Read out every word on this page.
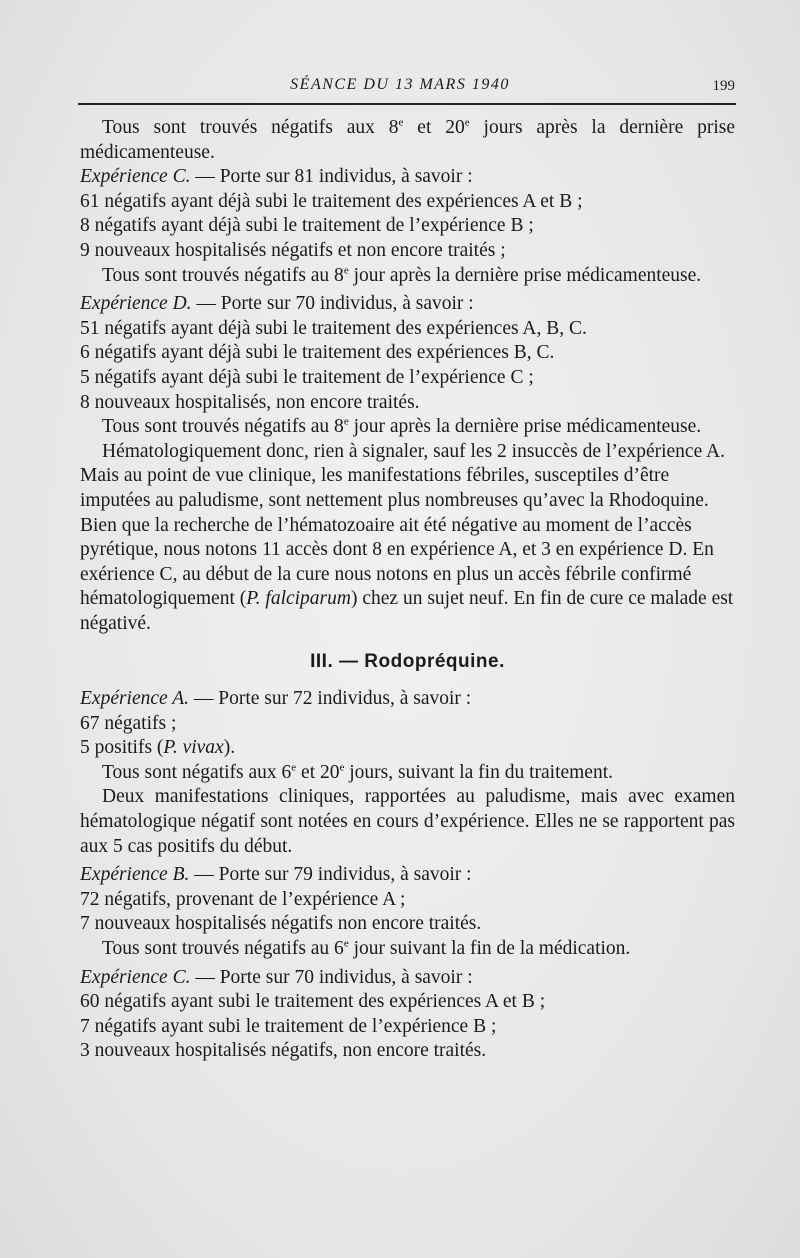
SÉANCE DU 13 MARS 1940	199

Tous sont trouvés négatifs aux 8e et 20e jours après la dernière prise médicamenteuse.

Expérience C. — Porte sur 81 individus, à savoir :

61 négatifs ayant déjà subi le traitement des expériences A et B ;

8 négatifs ayant déjà subi le traitement de l’expérience B ;

9 nouveaux hospitalisés négatifs et non encore traités ;

Tous sont trouvés négatifs au 8e jour après la dernière prise médicamenteuse.

Expérience D. — Porte sur 70 individus, à savoir :

51 négatifs ayant déjà subi le traitement des expériences A, B, C.

6 négatifs ayant déjà subi le traitement des expériences B, C.

5 négatifs ayant déjà subi le traitement de l’expérience C ;

8 nouveaux hospitalisés, non encore traités.

Tous sont trouvés négatifs au 8e jour après la dernière prise médicamenteuse.

Hématologiquement donc, rien à signaler, sauf les 2 insuccès de l’expérience A. Mais au point de vue clinique, les manifestations fébriles, susceptiles d’être imputées au paludisme, sont nettement plus nombreuses qu’avec la Rhodoquine. Bien que la recherche de l’hématozoaire ait été négative au moment de l’accès pyrétique, nous notons 11 accès dont 8 en expérience A, et 3 en expérience D. En exérience C, au début de la cure nous notons en plus un accès fébrile confirmé hématologiquement (P. falciparum) chez un sujet neuf. En fin de cure ce malade est négativé.

III. — Rodopréquine.

Expérience A. — Porte sur 72 individus, à savoir :

67 négatifs ;

5 positifs (P. vivax).

Tous sont négatifs aux 6e et 20e jours, suivant la fin du traitement.

Deux manifestations cliniques, rapportées au paludisme, mais avec examen hématologique négatif sont notées en cours d’expérience. Elles ne se rapportent pas aux 5 cas positifs du début.

Expérience B. — Porte sur 79 individus, à savoir :

72 négatifs, provenant de l’expérience A ;

7 nouveaux hospitalisés négatifs non encore traités.

Tous sont trouvés négatifs au 6e jour suivant la fin de la médication.

Expérience C. — Porte sur 70 individus, à savoir :

60 négatifs ayant subi le traitement des expériences A et B ;

7 négatifs ayant subi le traitement de l’expérience B ;

3 nouveaux hospitalisés négatifs, non encore traités.
